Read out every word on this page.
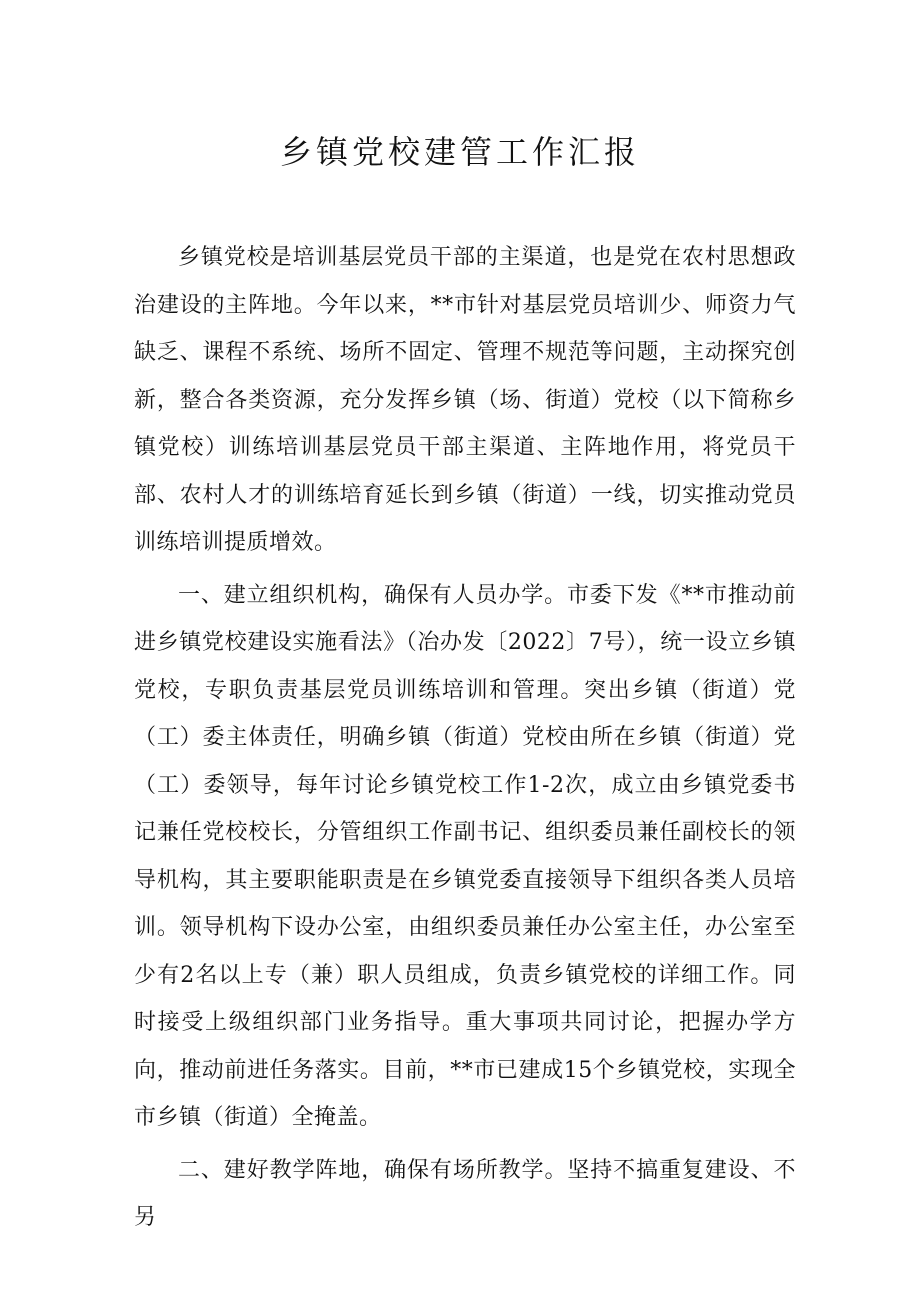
乡镇党校建管工作汇报

乡镇党校是培训基层党员干部的主渠道，也是党在农村思想政治建设的主阵地。今年以来，**市针对基层党员培训少、师资力气缺乏、课程不系统、场所不固定、管理不规范等问题，主动探究创新，整合各类资源，充分发挥乡镇（场、街道）党校（以下简称乡镇党校）训练培训基层党员干部主渠道、主阵地作用，将党员干部、农村人才的训练培育延长到乡镇（街道）一线，切实推动党员训练培训提质增效。

一、建立组织机构，确保有人员办学。市委下发《**市推动前进乡镇党校建设实施看法》（冶办发〔2022〕7号），统一设立乡镇党校，专职负责基层党员训练培训和管理。突出乡镇（街道）党（工）委主体责任，明确乡镇（街道）党校由所在乡镇（街道）党（工）委领导，每年讨论乡镇党校工作1-2次，成立由乡镇党委书记兼任党校校长，分管组织工作副书记、组织委员兼任副校长的领导机构，其主要职能职责是在乡镇党委直接领导下组织各类人员培训。领导机构下设办公室，由组织委员兼任办公室主任，办公室至少有2名以上专（兼）职人员组成，负责乡镇党校的详细工作。同时接受上级组织部门业务指导。重大事项共同讨论，把握办学方向，推动前进任务落实。目前，**市已建成15个乡镇党校，实现全市乡镇（街道）全掩盖。

二、建好教学阵地，确保有场所教学。坚持不搞重复建设、不另
